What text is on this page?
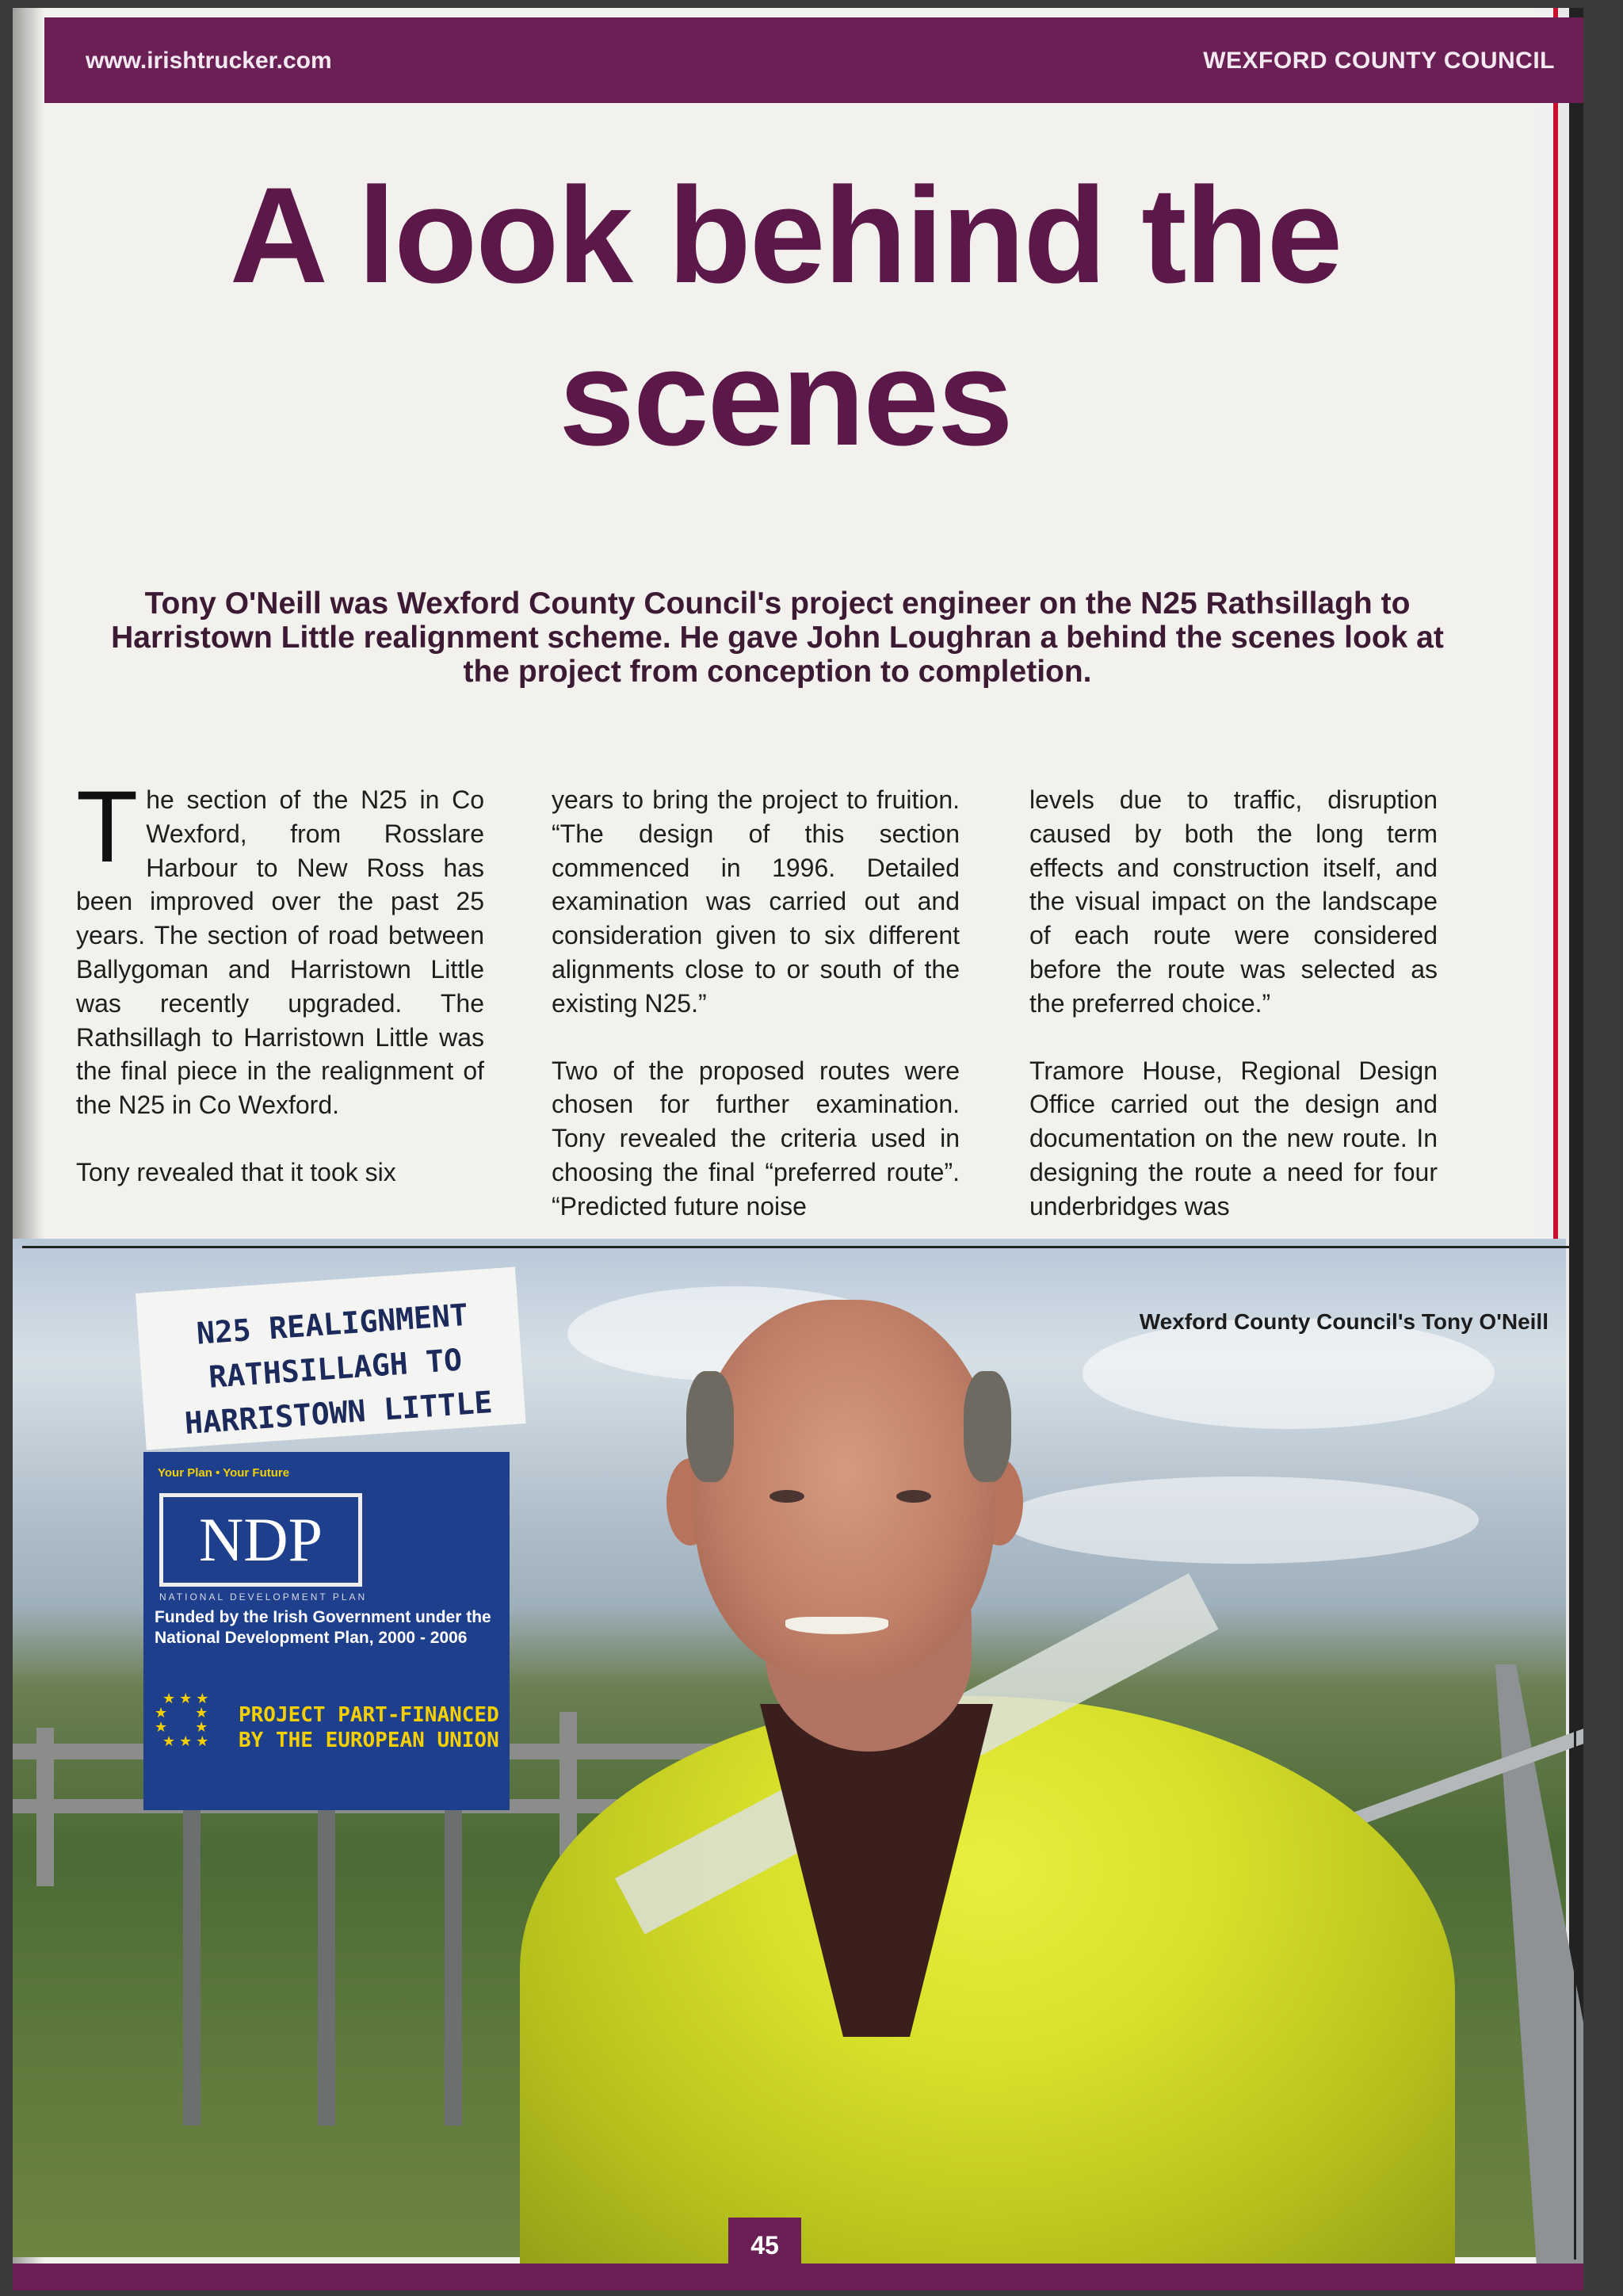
www.irishtrucker.com	WEXFORD COUNTY COUNCIL
A look behind the
scenes
Tony O'Neill was Wexford County Council's project engineer on the N25 Rathsillagh to Harristown Little realignment scheme. He gave John Loughran a behind the scenes look at the project from conception to completion.

The section of the N25 in Co Wexford, from Rosslare Harbour to New Ross has been improved over the past 25 years. The section of road between Ballygoman and Harristown Little was recently upgraded. The Rathsillagh to Harristown Little was the final piece in the realignment of the N25 in Co Wexford.

Tony revealed that it took six

years to bring the project to fruition. “The design of this section commenced in 1996. Detailed examination was carried out and consideration given to six different alignments close to or south of the existing N25.”

Two of the proposed routes were chosen for further examination. Tony revealed the criteria used in choosing the final “preferred route”. “Predicted future noise

levels due to traffic, disruption caused by both the long term effects and construction itself, and the visual impact on the landscape of each route were considered before the route was selected as the preferred choice.”

Tramore House, Regional Design Office carried out the design and documentation on the new route. In designing the route a need for four underbridges was

N25 REALIGNMENT
RATHSILLAGH TO
HARRISTOWN LITTLE
Your Plan • Your Future
NDP
NATIONAL DEVELOPMENT PLAN
Funded by the Irish Government under the
National Development Plan, 2000 - 2006
★ ★ ★
★       ★
★       ★
★ ★ ★
PROJECT PART-FINANCED
BY THE EUROPEAN UNION
Wexford County Council's Tony O'Neill
45
